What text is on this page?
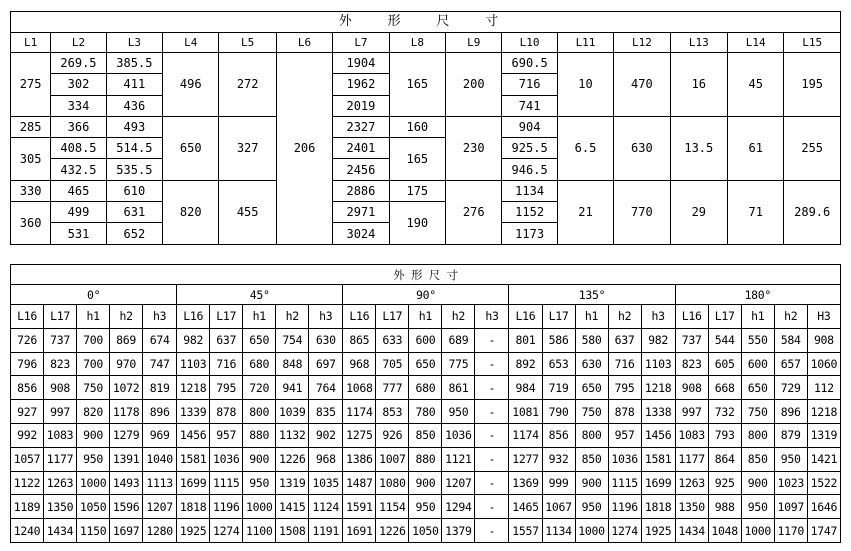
外 形 尺 寸														
L1	L2	L3	L4	L5	L6	L7	L8	L9	L10	L11	L12	L13	L14	L15
275	269.5	385.5	496	272	206	1904	165	200	690.5	10	470	16	45	195
	302	411				1962			716					
	334	436				2019			741					
285	366	493	650	327		2327	160	230	904	6.5	630	13.5	61	255
305	408.5	514.5				2401	165		925.5					
	432.5	535.5				2456			946.5					
330	465	610	820	455		2886	175	276	1134	21	770	29	71	289.6
360	499	631				2971	190		1152					
	531	652				3024			1173					
外 形 尺 寸																								
0°					45°					90°					135°					180°				
L16	L17	h1	h2	h3	L16	L17	h1	h2	h3	L16	L17	h1	h2	h3	L16	L17	h1	h2	h3	L16	L17	h1	h2	H3
726	737	700	869	674	982	637	650	754	630	865	633	600	689	-	801	586	580	637	982	737	544	550	584	908
796	823	700	970	747	1103	716	680	848	697	968	705	650	775	-	892	653	630	716	1103	823	605	600	657	1060
856	908	750	1072	819	1218	795	720	941	764	1068	777	680	861	-	984	719	650	795	1218	908	668	650	729	112
927	997	820	1178	896	1339	878	800	1039	835	1174	853	780	950	-	1081	790	750	878	1338	997	732	750	896	1218
992	1083	900	1279	969	1456	957	880	1132	902	1275	926	850	1036	-	1174	856	800	957	1456	1083	793	800	879	1319
1057	1177	950	1391	1040	1581	1036	900	1226	968	1386	1007	880	1121	-	1277	932	850	1036	1581	1177	864	850	950	1421
1122	1263	1000	1493	1113	1699	1115	950	1319	1035	1487	1080	900	1207	-	1369	999	900	1115	1699	1263	925	900	1023	1522
1189	1350	1050	1596	1207	1818	1196	1000	1415	1124	1591	1154	950	1294	-	1465	1067	950	1196	1818	1350	988	950	1097	1646
1240	1434	1150	1697	1280	1925	1274	1100	1508	1191	1691	1226	1050	1379	-	1557	1134	1000	1274	1925	1434	1048	1000	1170	1747
